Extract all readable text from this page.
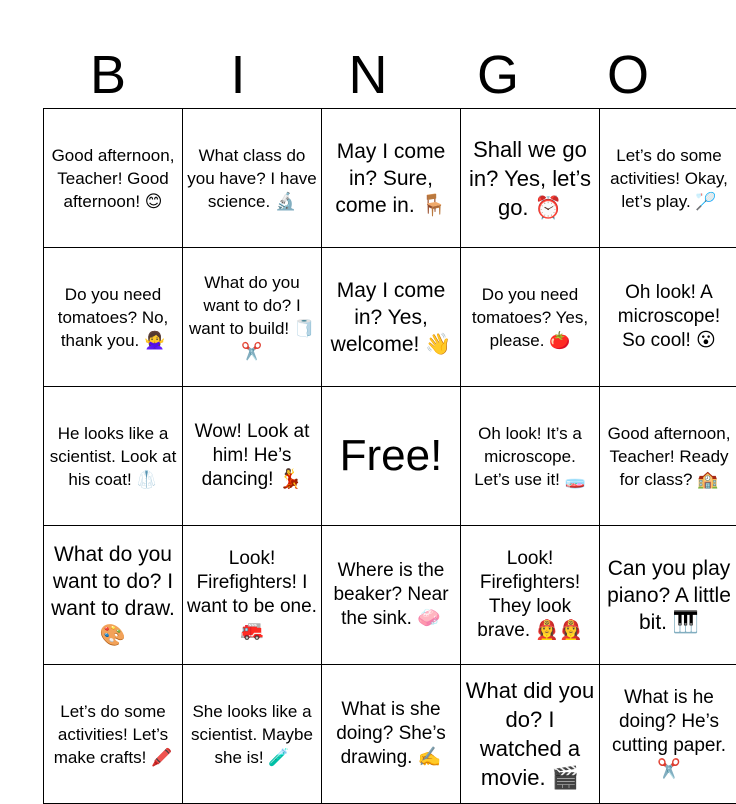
B	I	N	G	O
Good afternoon, Teacher! Good afternoon! 😊	What class do you have? I have science. 🔬	May I come in? Sure, come in. 🪑	Shall we go in? Yes, let’s go. ⏰	Let’s do some activities! Okay, let’s play. 🏸

Do you need tomatoes? No, thank you. 🙅‍♀️	What do you want to do? I want to build! 🧻✂️	May I come in? Yes, welcome! 👋	Do you need tomatoes? Yes, please. 🍅	Oh look! A microscope! So cool! 😮

He looks like a scientist. Look at his coat! 🥼	Wow! Look at him! He’s dancing! 💃	Free!	Oh look! It’s a microscope. Let’s use it! 🧫	Good afternoon, Teacher! Ready for class? 🏫

What do you want to do? I want to draw. 🎨	Look! Firefighters! I want to be one. 🚒	Where is the beaker? Near the sink. 🧼	Look! Firefighters! They look brave. 👩‍🚒👩‍🚒	Can you play piano? A little bit. 🎹

Let’s do some activities! Let’s make crafts! 🖍️	She looks like a scientist. Maybe she is! 🧪	What is she doing? She’s drawing. ✍️	What did you do? I watched a movie. 🎬	What is he doing? He’s cutting paper. ✂️
